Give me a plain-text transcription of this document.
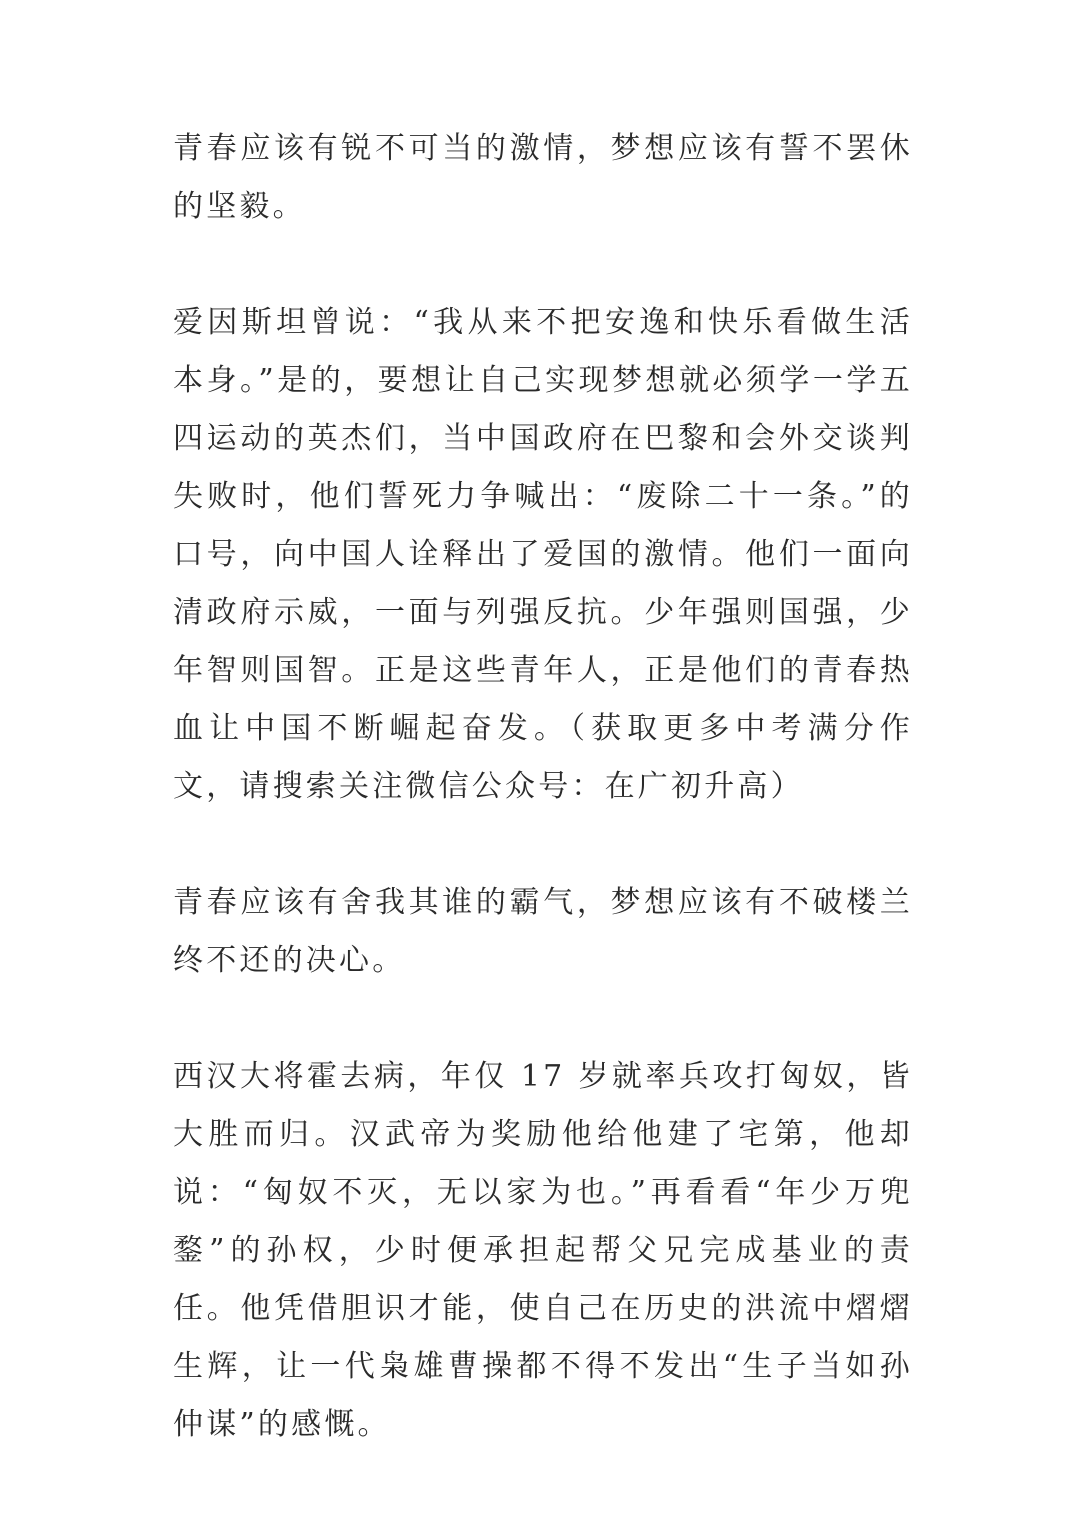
青春应该有锐不可当的激情，梦想应该有誓不罢休的坚毅。

爱因斯坦曾说：“我从来不把安逸和快乐看做生活本身。”是的，要想让自己实现梦想就必须学一学五四运动的英杰们，当中国政府在巴黎和会外交谈判失败时，他们誓死力争喊出：“废除二十一条。”的口号，向中国人诠释出了爱国的激情。他们一面向清政府示威，一面与列强反抗。少年强则国强，少年智则国智。正是这些青年人，正是他们的青春热血让中国不断崛起奋发。（获取更多中考满分作文，请搜索关注微信公众号：在广初升高）

青春应该有舍我其谁的霸气，梦想应该有不破楼兰终不还的决心。

西汉大将霍去病，年仅 17 岁就率兵攻打匈奴，皆大胜而归。汉武帝为奖励他给他建了宅第，他却说：“匈奴不灭，无以家为也。”再看看“年少万兜鍪”的孙权，少时便承担起帮父兄完成基业的责任。他凭借胆识才能，使自己在历史的洪流中熠熠生辉，让一代枭雄曹操都不得不发出“生子当如孙仲谋”的感慨。
